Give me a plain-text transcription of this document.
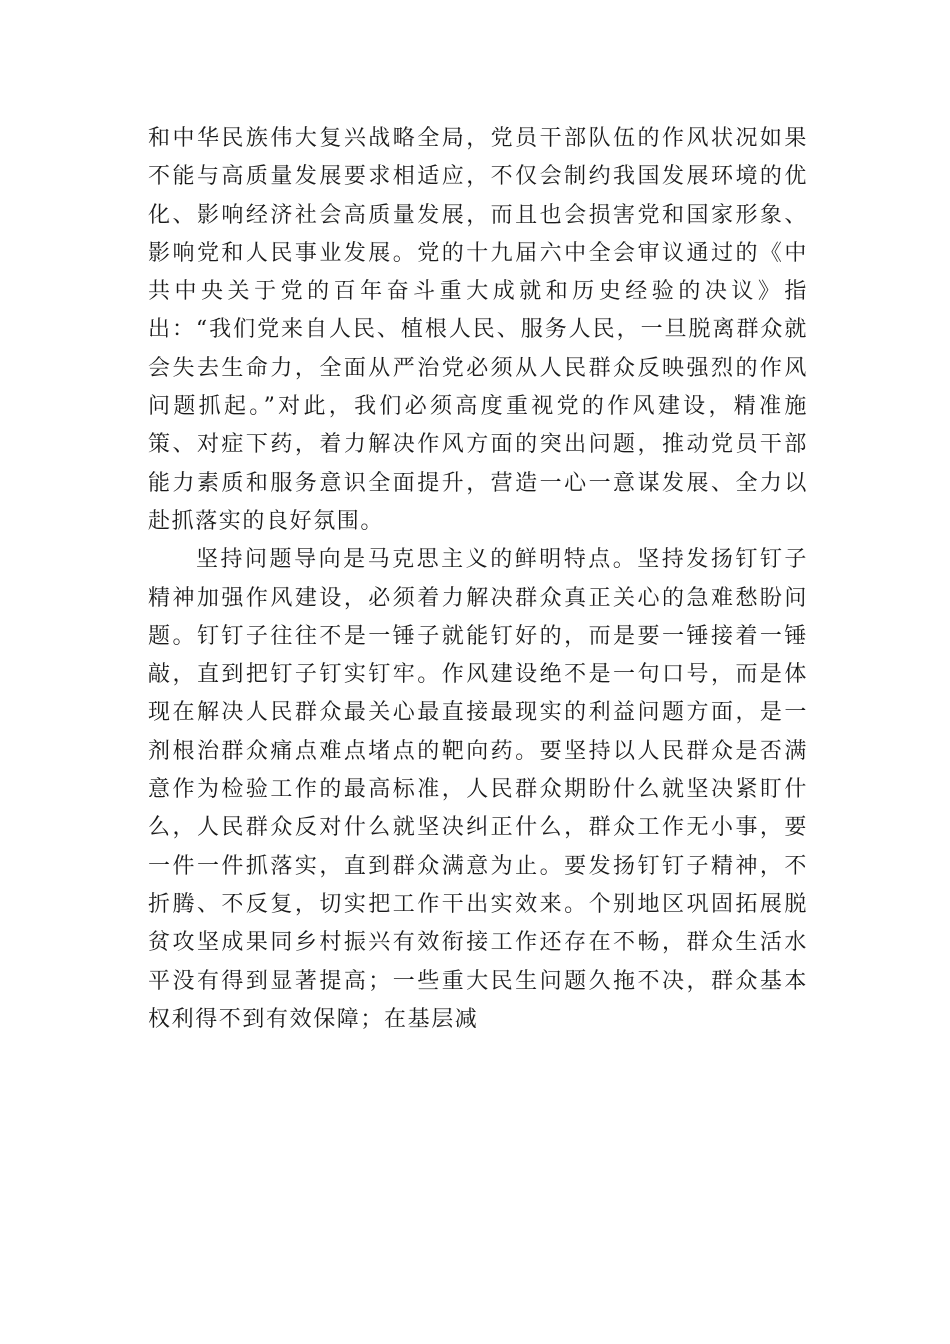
和中华民族伟大复兴战略全局，党员干部队伍的作风状况如果不能与高质量发展要求相适应，不仅会制约我国发展环境的优化、影响经济社会高质量发展，而且也会损害党和国家形象、影响党和人民事业发展。党的十九届六中全会审议通过的《中共中央关于党的百年奋斗重大成就和历史经验的决议》指出：“我们党来自人民、植根人民、服务人民，一旦脱离群众就会失去生命力，全面从严治党必须从人民群众反映强烈的作风问题抓起。”对此，我们必须高度重视党的作风建设，精准施策、对症下药，着力解决作风方面的突出问题，推动党员干部能力素质和服务意识全面提升，营造一心一意谋发展、全力以赴抓落实的良好氛围。

坚持问题导向是马克思主义的鲜明特点。坚持发扬钉钉子精神加强作风建设，必须着力解决群众真正关心的急难愁盼问题。钉钉子往往不是一锤子就能钉好的，而是要一锤接着一锤敲，直到把钉子钉实钉牢。作风建设绝不是一句口号，而是体现在解决人民群众最关心最直接最现实的利益问题方面，是一剂根治群众痛点难点堵点的靶向药。要坚持以人民群众是否满意作为检验工作的最高标准，人民群众期盼什么就坚决紧盯什么，人民群众反对什么就坚决纠正什么，群众工作无小事，要一件一件抓落实，直到群众满意为止。要发扬钉钉子精神，不折腾、不反复，切实把工作干出实效来。个别地区巩固拓展脱贫攻坚成果同乡村振兴有效衔接工作还存在不畅，群众生活水平没有得到显著提高；一些重大民生问题久拖不决，群众基本权利得不到有效保障；在基层减
